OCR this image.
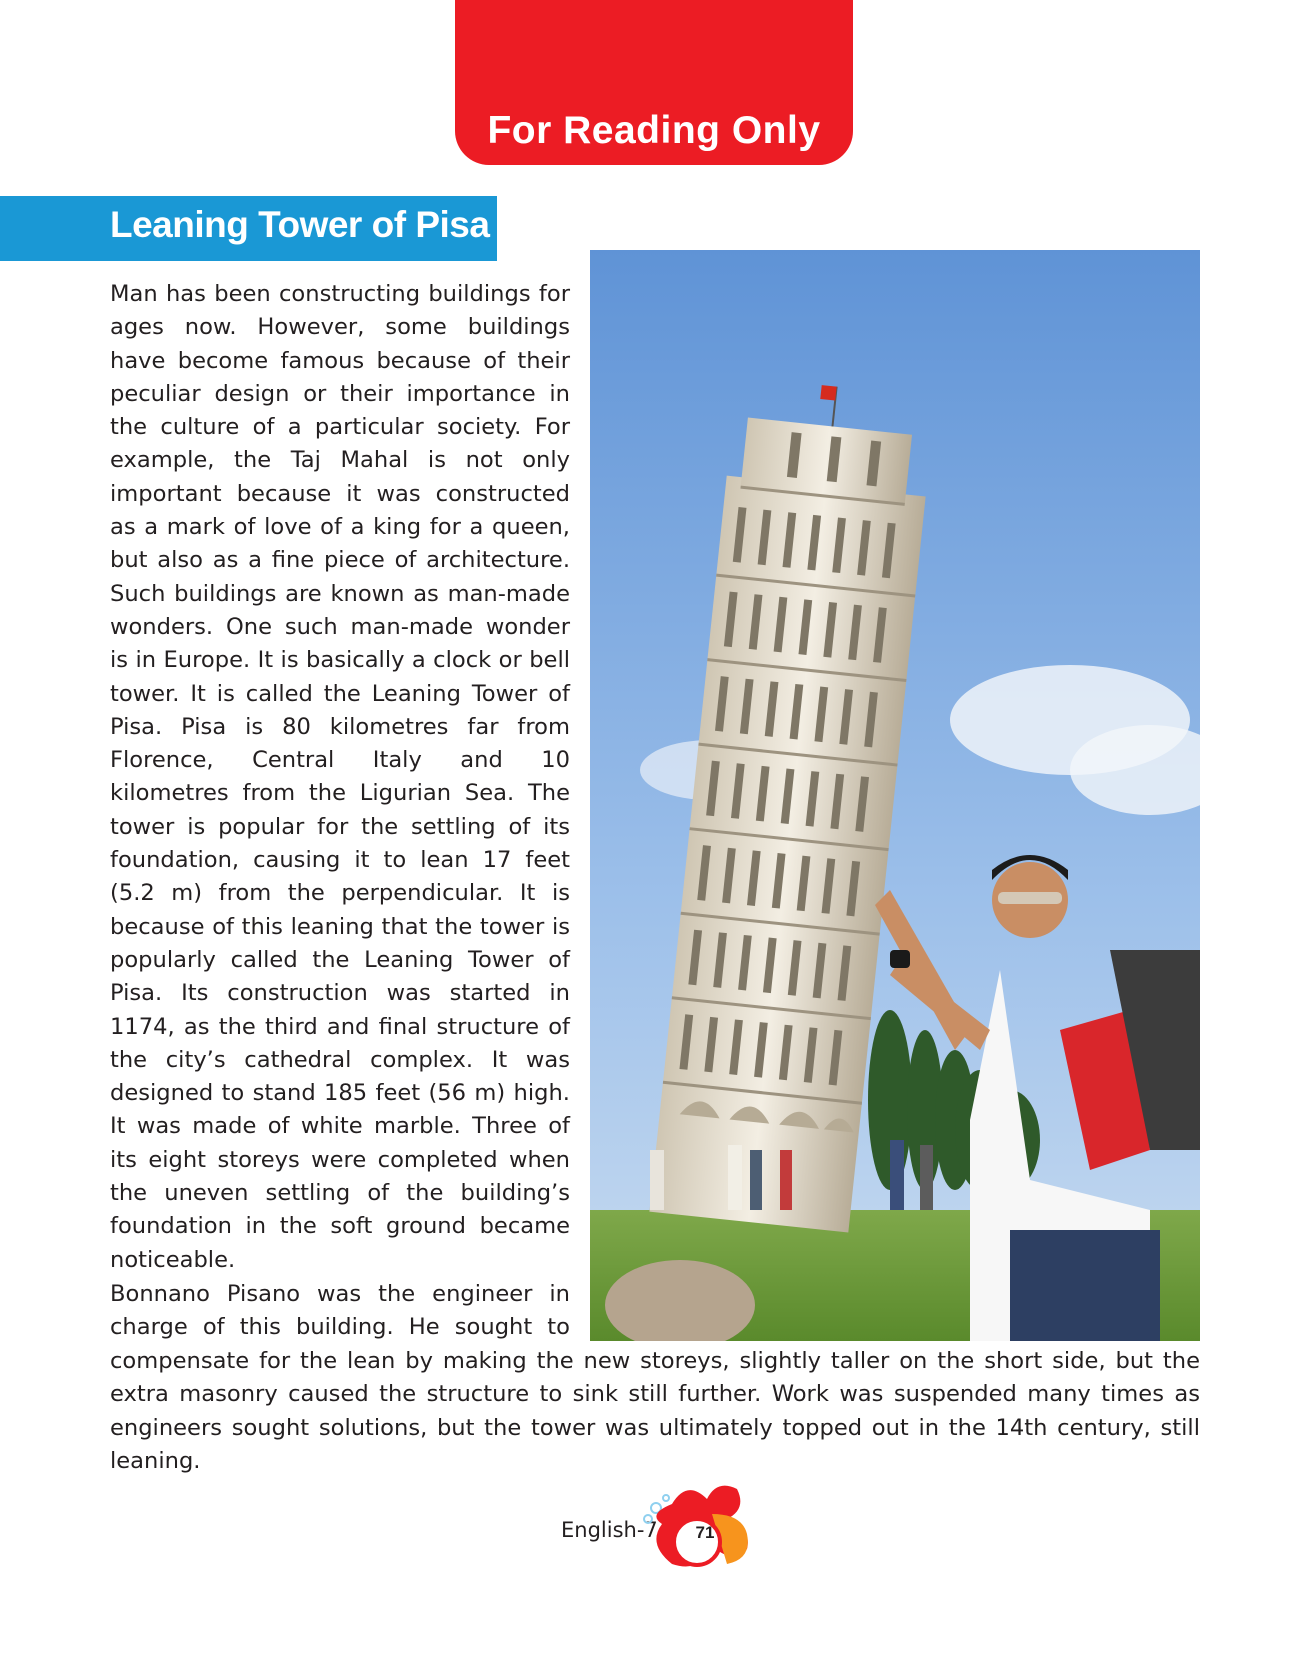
For Reading Only
Leaning Tower of Pisa

Man has been constructing buildings for ages now. However, some buildings have become famous because of their peculiar design or their importance in the culture of a particular society. For example, the Taj Mahal is not only important because it was constructed as a mark of love of a king for a queen, but also as a fine piece of architecture. Such buildings are known as man-made wonders. One such man-made wonder is in Europe. It is basically a clock or bell tower. It is called the Leaning Tower of Pisa. Pisa is 80 kilometres far from Florence, Central Italy and 10 kilometres from the Ligurian Sea. The tower is popular for the settling of its foundation, causing it to lean 17 feet (5.2 m) from the perpendicular. It is because of this leaning that the tower is popularly called the Leaning Tower of Pisa. Its construction was started in 1174, as the third and final structure of the city’s cathedral complex. It was designed to stand 185 feet (56 m) high. It was made of white marble. Three of its eight storeys were completed when the uneven settling of the building’s foundation in the soft ground became noticeable.

Bonnano Pisano was the engineer in charge of this building. He sought to

compensate for the lean by making the new storeys, slightly taller on the short side, but the extra masonry caused the structure to sink still further. Work was suspended many times as engineers sought solutions, but the tower was ultimately topped out in the 14th century, still leaning.

English-7	71
